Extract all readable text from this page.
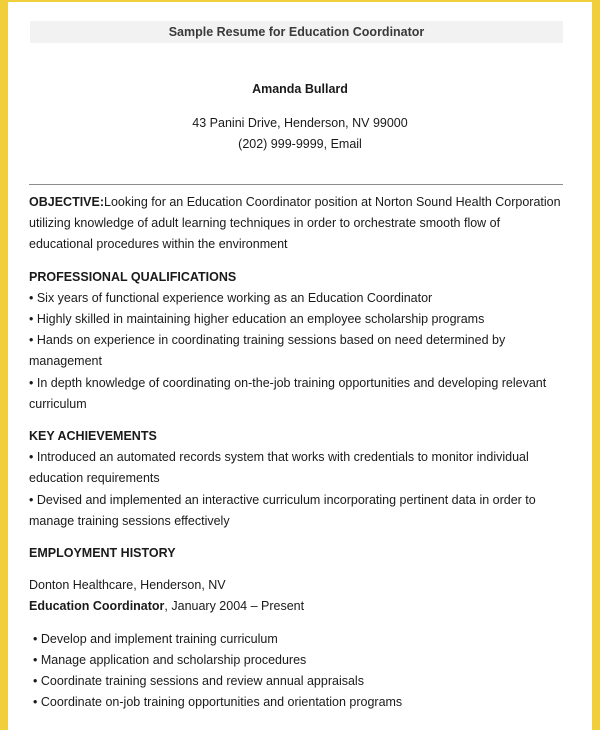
Sample Resume for Education Coordinator
Amanda Bullard
43 Panini Drive, Henderson, NV 99000
(202) 999-9999, Email

OBJECTIVE:Looking for an Education Coordinator position at Norton Sound Health Corporation utilizing knowledge of adult learning techniques in order to orchestrate smooth flow of educational procedures within the environment

PROFESSIONAL QUALIFICATIONS

• Six years of functional experience working as an Education Coordinator

• Highly skilled in maintaining higher education an employee scholarship programs

• Hands on experience in coordinating training sessions based on need determined by management

• In depth knowledge of coordinating on-the-job training opportunities and developing relevant curriculum

KEY ACHIEVEMENTS

• Introduced an automated records system that works with credentials to monitor individual education requirements

• Devised and implemented an interactive curriculum incorporating pertinent data in order to manage training sessions effectively

EMPLOYMENT HISTORY

Donton Healthcare, Henderson, NV

Education Coordinator, January 2004 – Present

• Develop and implement training curriculum

• Manage application and scholarship procedures

• Coordinate training sessions and review annual appraisals

• Coordinate on-job training opportunities and orientation programs
